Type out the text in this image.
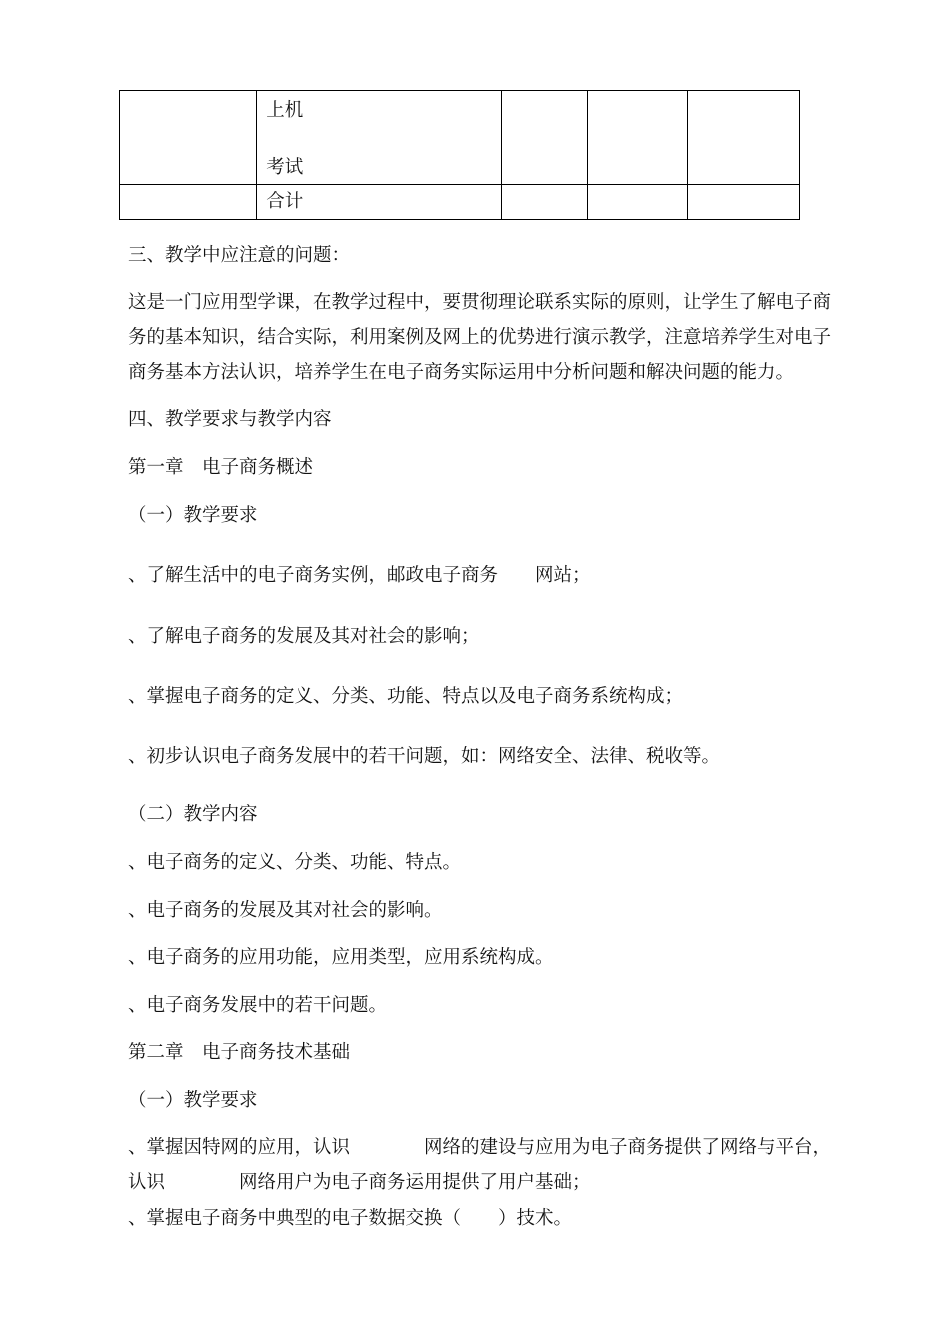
	上机
考试			

	合计			

三、教学中应注意的问题：
这是一门应用型学课，在教学过程中，要贯彻理论联系实际的原则，让学生了解电子商
务的基本知识，结合实际，利用案例及网上的优势进行演示教学，注意培养学生对电子
商务基本方法认识，培养学生在电子商务实际运用中分析问题和解决问题的能力。
四、教学要求与教学内容
第一章　电子商务概述
（一）教学要求
、了解生活中的电子商务实例，邮政电子商务　　网站；
、了解电子商务的发展及其对社会的影响；
、掌握电子商务的定义、分类、功能、特点以及电子商务系统构成；
、初步认识电子商务发展中的若干问题，如：网络安全、法律、税收等。
（二）教学内容
、电子商务的定义、分类、功能、特点。
、电子商务的发展及其对社会的影响。
、电子商务的应用功能，应用类型，应用系统构成。
、电子商务发展中的若干问题。
第二章　电子商务技术基础
（一）教学要求
、掌握因特网的应用，认识　　　　网络的建设与应用为电子商务提供了网络与平台，
认识　　　　网络用户为电子商务运用提供了用户基础；
、掌握电子商务中典型的电子数据交换（　　）技术。
